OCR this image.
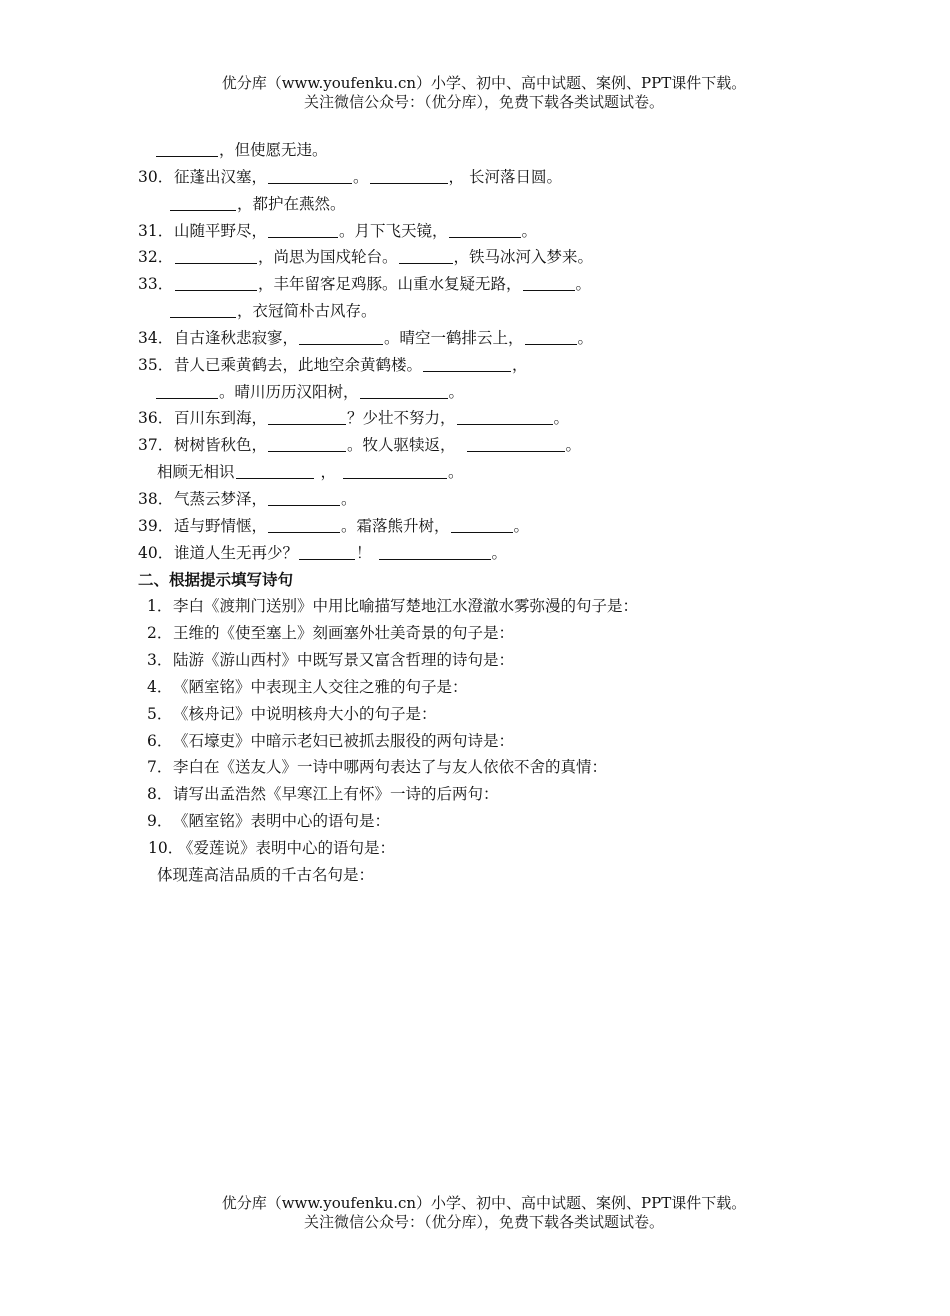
优分库（www.youfenku.cn）小学、初中、高中试题、案例、PPT课件下载。
关注微信公众号：（优分库），免费下载各类试题试卷。
，但使愿无违。
30．征蓬出汉塞，	。	， 长河落日圆。
，都护在燕然。
31．山随平野尽，	。月下飞天镜，	。
32．	，尚思为国戍轮台。	，铁马冰河入梦来。
33．	，丰年留客足鸡豚。山重水复疑无路，	。
，衣冠简朴古风存。
34．自古逢秋悲寂寥，	。晴空一鹤排云上，	。
35．昔人已乘黄鹤去，此地空余黄鹤楼。	，
。晴川历历汉阳树，	。
36．百川东到海，	？少壮不努力，	。
37．树树皆秋色，	。牧人驱犊返，	。
相顾无相识	，	。
38．气蒸云梦泽，	。
39．适与野情惬，	。霜落熊升树，	。
40．谁道人生无再少？	！	。
二、根据提示填写诗句
1．李白《渡荆门送别》中用比喻描写楚地江水澄澈水雾弥漫的句子是：
2．王维的《使至塞上》刻画塞外壮美奇景的句子是：
3．陆游《游山西村》中既写景又富含哲理的诗句是：
4．《陋室铭》中表现主人交往之雅的句子是：
5．《核舟记》中说明核舟大小的句子是：
6．《石壕吏》中暗示老妇已被抓去服役的两句诗是：
7．李白在《送友人》一诗中哪两句表达了与友人依依不舍的真情：
8．请写出孟浩然《早寒江上有怀》一诗的后两句：
9．《陋室铭》表明中心的语句是：
10．《爱莲说》表明中心的语句是：
体现莲高洁品质的千古名句是：
优分库（www.youfenku.cn）小学、初中、高中试题、案例、PPT课件下载。
关注微信公众号：（优分库），免费下载各类试题试卷。
